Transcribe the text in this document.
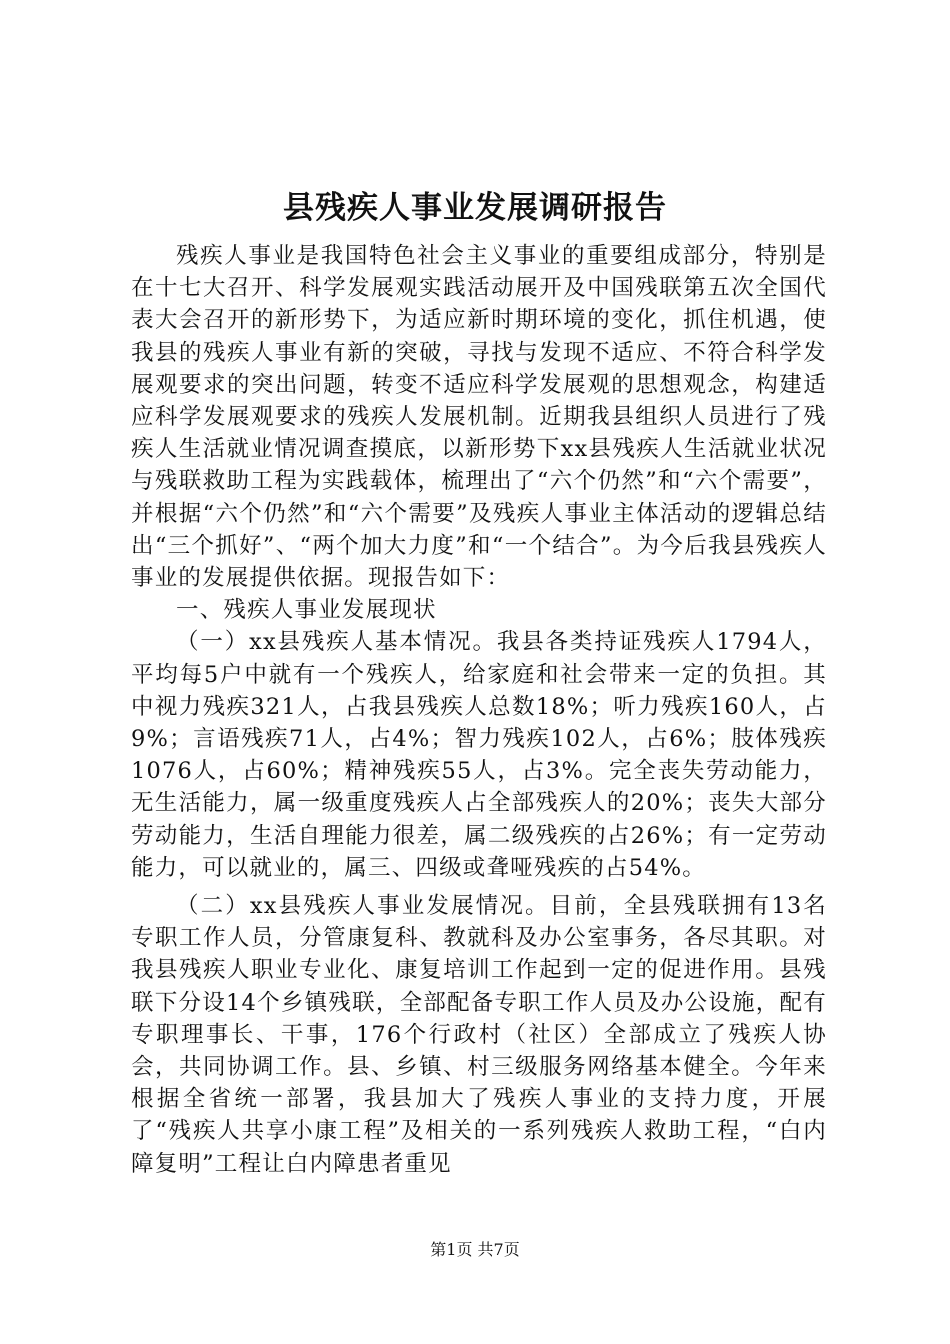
县残疾人事业发展调研报告

残疾人事业是我国特色社会主义事业的重要组成部分，特别是在十七大召开、科学发展观实践活动展开及中国残联第五次全国代表大会召开的新形势下，为适应新时期环境的变化，抓住机遇，使我县的残疾人事业有新的突破，寻找与发现不适应、不符合科学发展观要求的突出问题，转变不适应科学发展观的思想观念，构建适应科学发展观要求的残疾人发展机制。近期我县组织人员进行了残疾人生活就业情况调查摸底，以新形势下xx县残疾人生活就业状况与残联救助工程为实践载体，梳理出了“六个仍然”和“六个需要”，并根据“六个仍然”和“六个需要”及残疾人事业主体活动的逻辑总结出“三个抓好”、“两个加大力度”和“一个结合”。为今后我县残疾人事业的发展提供依据。现报告如下：

一、残疾人事业发展现状

（一）xx县残疾人基本情况。我县各类持证残疾人1794人，平均每5户中就有一个残疾人，给家庭和社会带来一定的负担。其中视力残疾321人，占我县残疾人总数18%；听力残疾160人，占9%；言语残疾71人，占4%；智力残疾102人，占6%；肢体残疾1076人，占60%；精神残疾55人，占3%。完全丧失劳动能力，无生活能力，属一级重度残疾人占全部残疾人的20%；丧失大部分劳动能力，生活自理能力很差，属二级残疾的占26%；有一定劳动能力，可以就业的，属三、四级或聋哑残疾的占54%。

（二）xx县残疾人事业发展情况。目前，全县残联拥有13名专职工作人员，分管康复科、教就科及办公室事务，各尽其职。对我县残疾人职业专业化、康复培训工作起到一定的促进作用。县残联下分设14个乡镇残联，全部配备专职工作人员及办公设施，配有专职理事长、干事，176个行政村（社区）全部成立了残疾人协会，共同协调工作。县、乡镇、村三级服务网络基本健全。今年来根据全省统一部署，我县加大了残疾人事业的支持力度，开展了“残疾人共享小康工程”及相关的一系列残疾人救助工程，“白内障复明”工程让白内障患者重见

第1页 共7页
